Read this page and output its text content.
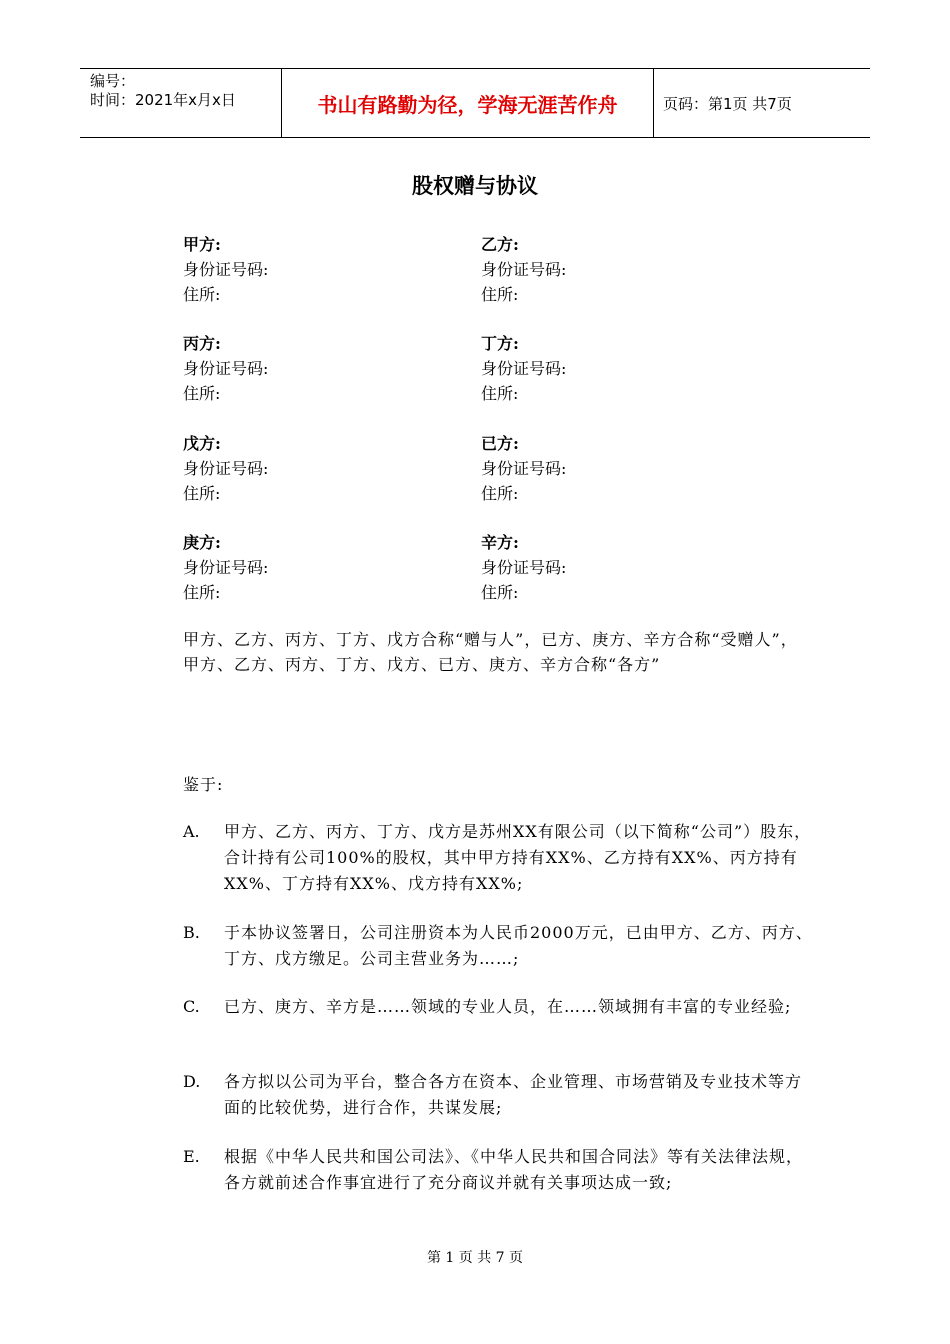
编号：
时间：2021年x月x日	书山有路勤为径，学海无涯苦作舟	页码：第1页 共7页
股权赠与协议
甲方:
身份证号码:
住所:
乙方:
身份证号码:
住所:
丙方:
身份证号码:
住所:
丁方:
身份证号码:
住所:
戊方:
身份证号码:
住所:
已方:
身份证号码:
住所:
庚方:
身份证号码:
住所:
辛方:
身份证号码:
住所:
甲方、乙方、丙方、丁方、戊方合称“赠与人”，已方、庚方、辛方合称“受赠人”，甲方、乙方、丙方、丁方、戊方、已方、庚方、辛方合称“各方”
鉴于:
A.	甲方、乙方、丙方、丁方、戊方是苏州XX有限公司（以下简称“公司”）股东，合计持有公司100%的股权，其中甲方持有XX%、乙方持有XX%、丙方持有XX%、丁方持有XX%、戊方持有XX%;
B.	于本协议签署日，公司注册资本为人民币2000万元，已由甲方、乙方、丙方、丁方、戊方缴足。公司主营业务为……;
C.	已方、庚方、辛方是……领域的专业人员，在……领域拥有丰富的专业经验;
D.	各方拟以公司为平台，整合各方在资本、企业管理、市场营销及专业技术等方面的比较优势，进行合作，共谋发展;
E.	根据《中华人民共和国公司法》、《中华人民共和国合同法》等有关法律法规，各方就前述合作事宜进行了充分商议并就有关事项达成一致;
第 1 页 共 7 页
